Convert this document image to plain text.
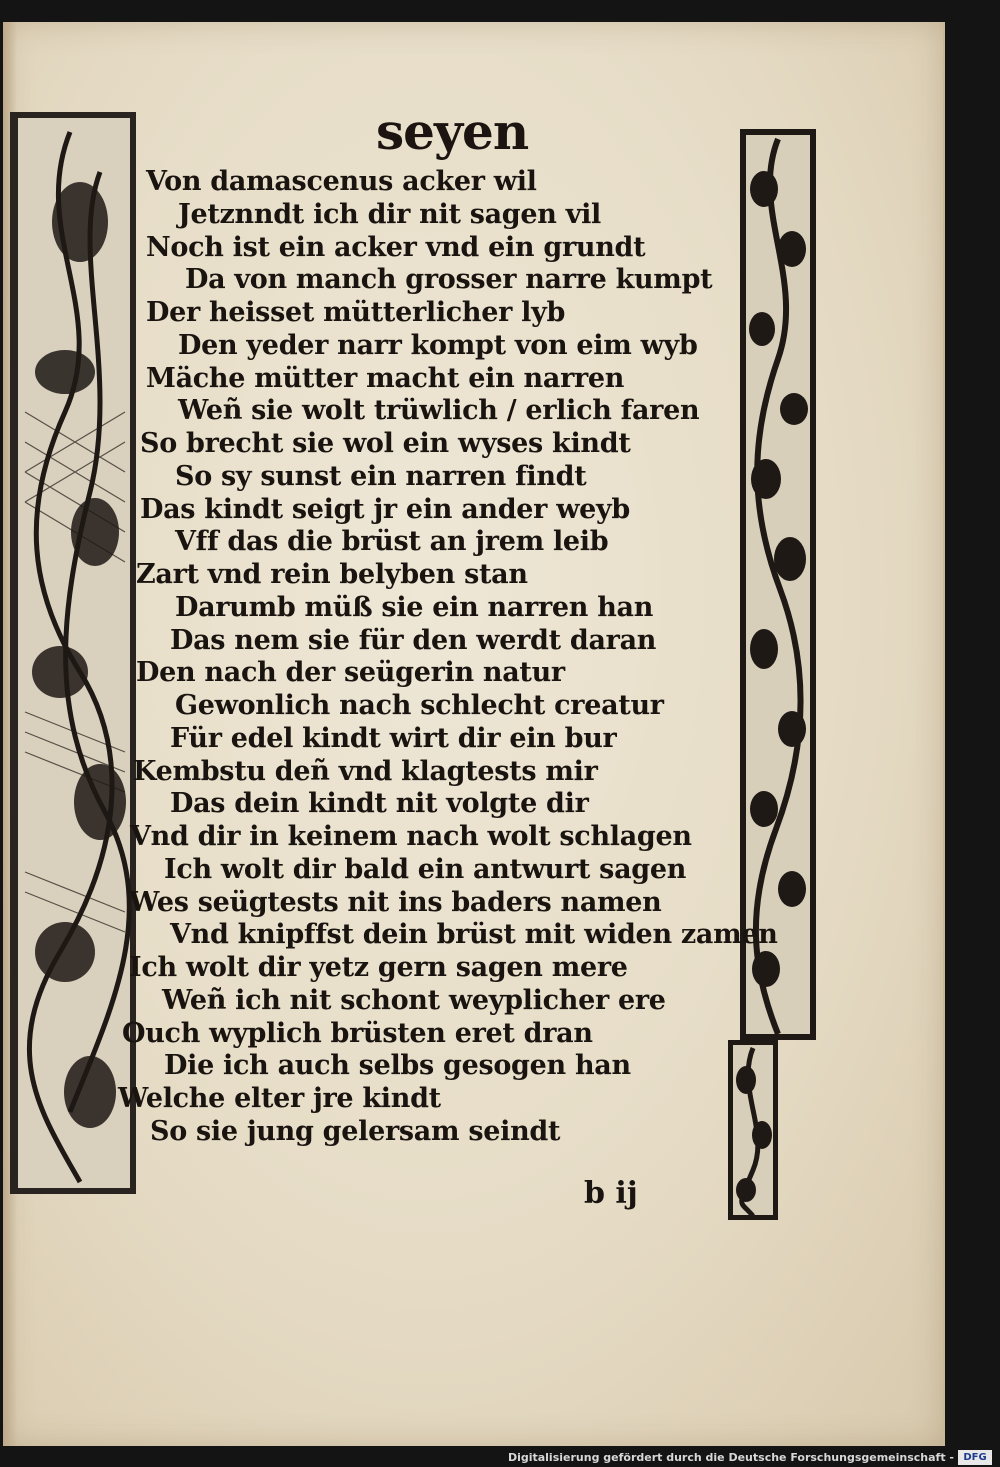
seyen
Von damascenus acker wil
Jetznndt ich dir nit sagen vil
Noch ist ein acker vnd ein grundt
Da von manch grosser narre kumpt
Der heisset mütterlicher lyb
Den yeder narr kompt von eim wyb
Mäche mütter macht ein narren
Weñ sie wolt trüwlich / erlich faren
So brecht sie wol ein wyses kindt
So sy sunst ein narren findt
Das kindt seigt jr ein ander weyb
Vff das die brüst an jrem leib
Zart vnd rein belyben stan
Darumb müß sie ein narren han
Das nem sie für den werdt daran
Den nach der seügerin natur
Gewonlich nach schlecht creatur
Für edel kindt wirt dir ein bur
Kembstu deñ vnd klagtests mir
Das dein kindt nit volgte dir
Vnd dir in keinem nach wolt schlagen
Ich wolt dir bald ein antwurt sagen
Wes seügtests nit ins baders namen
Vnd knipffst dein brüst mit widen zamen
Ich wolt dir yetz gern sagen mere
Weñ ich nit schont weyplicher ere
Ouch wyplich brüsten eret dran
Die ich auch selbs gesogen han
Welche elter jre kindt
So sie jung gelersam seindt
b ij
Digitalisierung gefördert durch die Deutsche Forschungsgemeinschaft - DFG
